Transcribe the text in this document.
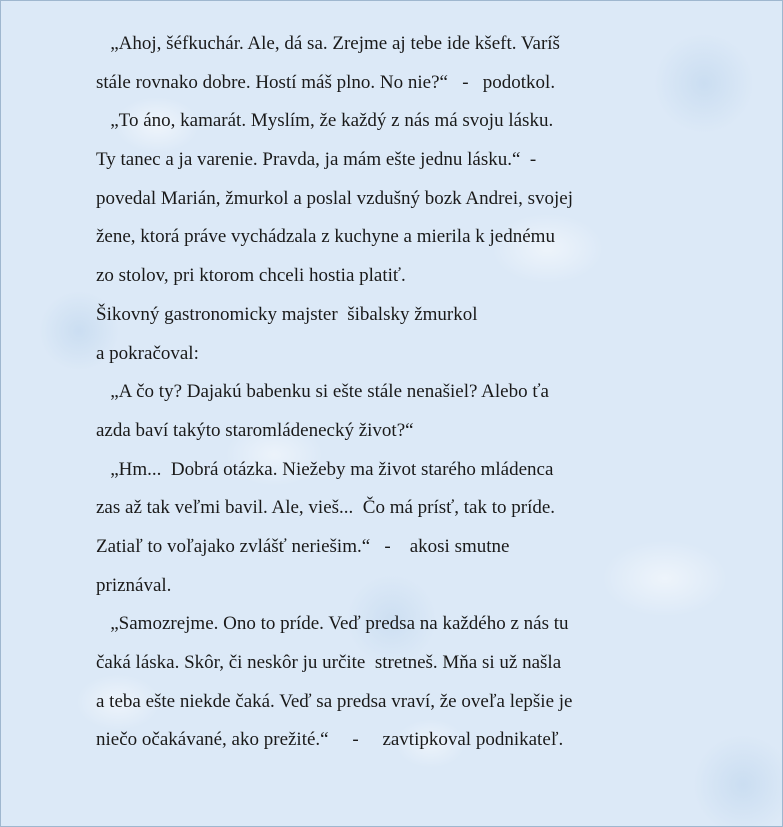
„Ahoj, šéfkuchár. Ale, dá sa. Zrejme aj tebe ide kšeft. Varíš
stále rovnako dobre. Hostí máš plno. No nie?“   -   podotkol.
„To áno, kamarát. Myslím, že každý z nás má svoju lásku.
Ty tanec a ja varenie. Pravda, ja mám ešte jednu lásku.“  -
povedal Marián, žmurkol a poslal vzdušný bozk Andrei, svojej
žene, ktorá práve vychádzala z kuchyne a mierila k jednému
zo stolov, pri ktorom chceli hostia platiť.
Šikovný gastronomicky majster  šibalsky žmurkol
a pokračoval:
„A čo ty? Dajakú babenku si ešte stále nenašiel? Alebo ťa
azda baví takýto staromládenecký život?“
„Hm...  Dobrá otázka. Niežeby ma život starého mládenca
zas až tak veľmi bavil. Ale, vieš...  Čo má prísť, tak to príde.
Zatiaľ to voľajako zvlášť neriešim.“   -    akosi smutne
priznával.
„Samozrejme. Ono to príde. Veď predsa na každého z nás tu
čaká láska. Skôr, či neskôr ju určite  stretneš. Mňa si už našla
a teba ešte niekde čaká. Veď sa predsa vraví, že oveľa lepšie je
niečo očakávané, ako prežité.“     -     zavtipkoval podnikateľ.
